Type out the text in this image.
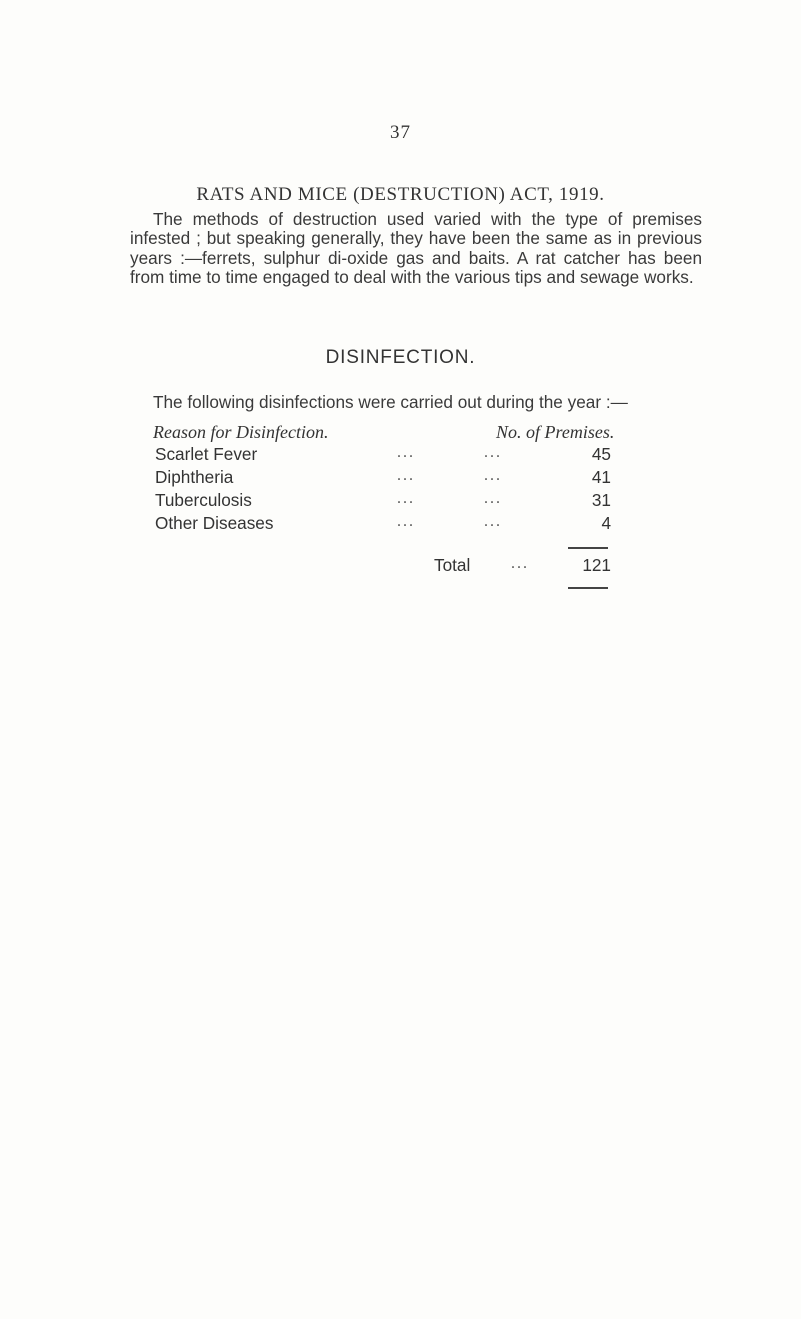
37
RATS AND MICE (DESTRUCTION) ACT, 1919.

The methods of destruction used varied with the type of premises infested ; but speaking generally, they have been the same as in previous years :—ferrets, sulphur di-oxide gas and baits. A rat catcher has been from time to time engaged to deal with the various tips and sewage works.

DISINFECTION.
The following disinfections were carried out during the year :—
Reason for Disinfection.	No. of Premises.
Scarlet Fever	...	...	45
Diphtheria	...	...	41
Tuberculosis	...	...	31
Other Diseases	...	...	4
Total	...	121
